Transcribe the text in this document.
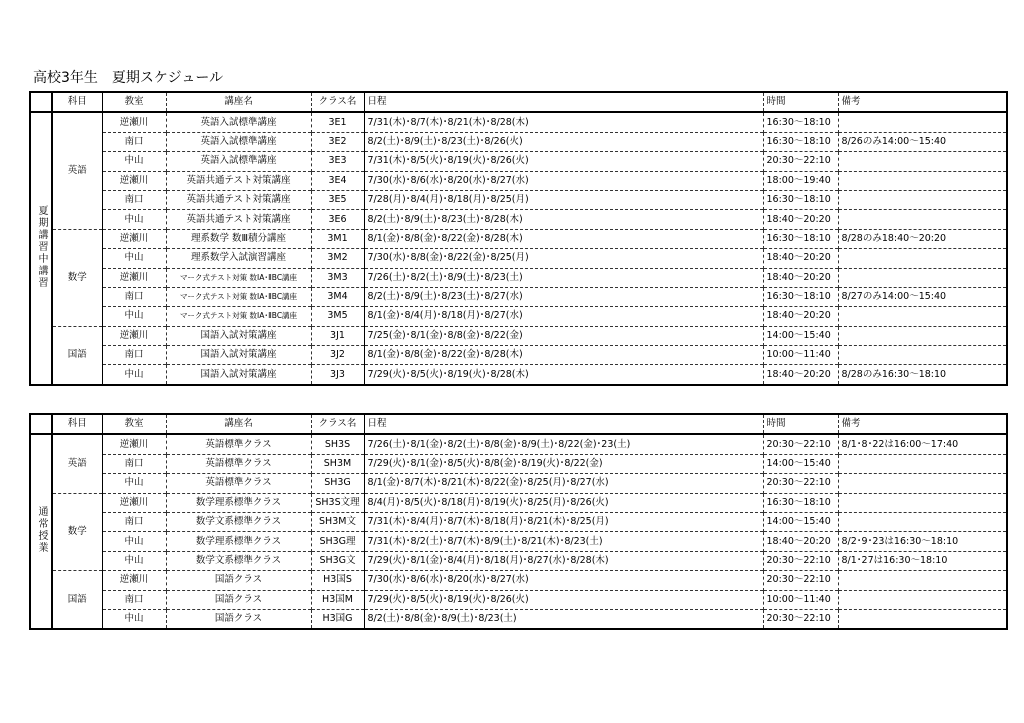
高校3年生　夏期スケジュール
	科目	教室	講座名	クラス名	日程	時間	備考
夏期講習中講習	英語	逆瀬川	英語入試標準講座	3E1	7/31(木)･8/7(木)･8/21(木)･8/28(木)	16:30～18:10	
		南口	英語入試標準講座	3E2	8/2(土)･8/9(土)･8/23(土)･8/26(火)	16:30～18:10	8/26のみ14:00～15:40
		中山	英語入試標準講座	3E3	7/31(木)･8/5(火)･8/19(火)･8/26(火)	20:30～22:10	
		逆瀬川	英語共通テスト対策講座	3E4	7/30(水)･8/6(水)･8/20(水)･8/27(水)	18:00～19:40	
		南口	英語共通テスト対策講座	3E5	7/28(月)･8/4(月)･8/18(月)･8/25(月)	16:30～18:10	
		中山	英語共通テスト対策講座	3E6	8/2(土)･8/9(土)･8/23(土)･8/28(木)	18:40～20:20	
	数学	逆瀬川	理系数学 数Ⅲ積分講座	3M1	8/1(金)･8/8(金)･8/22(金)･8/28(木)	16:30～18:10	8/28のみ18:40～20:20
		中山	理系数学入試演習講座	3M2	7/30(水)･8/8(金)･8/22(金)･8/25(月)	18:40～20:20	
		逆瀬川	マーク式テスト対策 数ⅠA･ⅡBC講座	3M3	7/26(土)･8/2(土)･8/9(土)･8/23(土)	18:40～20:20	
		南口	マーク式テスト対策 数ⅠA･ⅡBC講座	3M4	8/2(土)･8/9(土)･8/23(土)･8/27(水)	16:30～18:10	8/27のみ14:00～15:40
		中山	マーク式テスト対策 数ⅠA･ⅡBC講座	3M5	8/1(金)･8/4(月)･8/18(月)･8/27(水)	18:40～20:20	
	国語	逆瀬川	国語入試対策講座	3J1	7/25(金)･8/1(金)･8/8(金)･8/22(金)	14:00～15:40	
		南口	国語入試対策講座	3J2	8/1(金)･8/8(金)･8/22(金)･8/28(木)	10:00～11:40	
		中山	国語入試対策講座	3J3	7/29(火)･8/5(火)･8/19(火)･8/28(木)	18:40～20:20	8/28のみ16:30～18:10
	科目	教室	講座名	クラス名	日程	時間	備考
通常授業	英語	逆瀬川	英語標準クラス	SH3S	7/26(土)･8/1(金)･8/2(土)･8/8(金)･8/9(土)･8/22(金)･23(土)	20:30～22:10	8/1･8･22は16:00～17:40
		南口	英語標準クラス	SH3M	7/29(火)･8/1(金)･8/5(火)･8/8(金)･8/19(火)･8/22(金)	14:00～15:40	
		中山	英語標準クラス	SH3G	8/1(金)･8/7(木)･8/21(木)･8/22(金)･8/25(月)･8/27(水)	20:30～22:10	
	数学	逆瀬川	数学理系標準クラス	SH3S文理	8/4(月)･8/5(火)･8/18(月)･8/19(火)･8/25(月)･8/26(火)	16:30～18:10	
		南口	数学文系標準クラス	SH3M文	7/31(木)･8/4(月)･8/7(木)･8/18(月)･8/21(木)･8/25(月)	14:00～15:40	
		中山	数学理系標準クラス	SH3G理	7/31(木)･8/2(土)･8/7(木)･8/9(土)･8/21(木)･8/23(土)	18:40～20:20	8/2･9･23は16:30～18:10
		中山	数学文系標準クラス	SH3G文	7/29(火)･8/1(金)･8/4(月)･8/18(月)･8/27(水)･8/28(木)	20:30～22:10	8/1･27は16:30～18:10
	国語	逆瀬川	国語クラス	H3国S	7/30(水)･8/6(水)･8/20(水)･8/27(水)	20:30～22:10	
		南口	国語クラス	H3国M	7/29(火)･8/5(火)･8/19(火)･8/26(火)	10:00～11:40	
		中山	国語クラス	H3国G	8/2(土)･8/8(金)･8/9(土)･8/23(土)	20:30～22:10	
